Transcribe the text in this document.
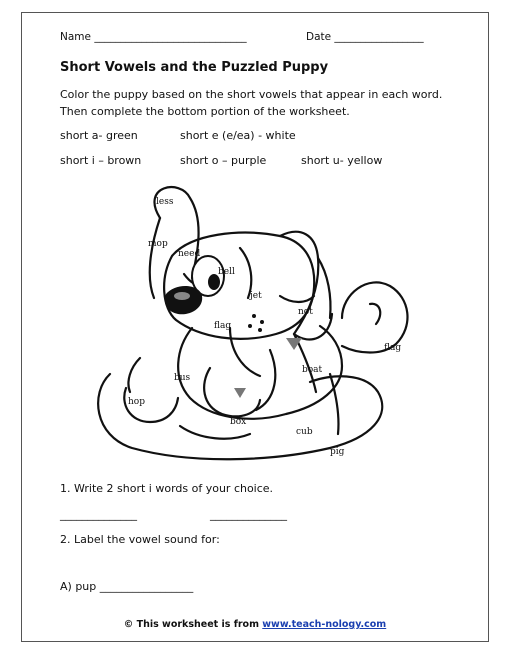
Name _____________________________	Date _________________
Short Vowels and the Puzzled Puppy
Color the puppy based on the short vowels that appear in each word. Then complete the bottom portion of the worksheet.
short a- green	short e (e/ea) - white
short i – brown	short o – purple	short u- yellow
less
mop
need
bell
jet
not
flag
flag
bus
boat
hop
box
cub
pig
1. Write 2 short i words of your choice.
______________	______________
2. Label the vowel sound for:
A) pup _________________
© This worksheet is from www.teach-nology.com
